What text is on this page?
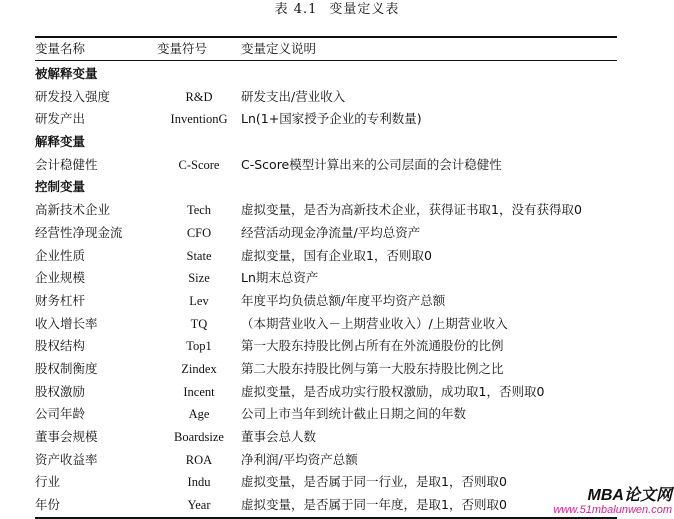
表 4.1 变量定义表
变量名称	变量符号	变量定义说明
被解释变量
研发投入强度	R&D	研发支出/营业收入
研发产出	InventionG	Ln(1+国家授予企业的专利数量)
解释变量
会计稳健性	C-Score	C-Score模型计算出来的公司层面的会计稳健性
控制变量
高新技术企业	Tech	虚拟变量，是否为高新技术企业，获得证书取1，没有获得取0
经营性净现金流	CFO	经营活动现金净流量/平均总资产
企业性质	State	虚拟变量，国有企业取1，否则取0
企业规模	Size	Ln期末总资产
财务杠杆	Lev	年度平均负债总额/年度平均资产总额
收入增长率	TQ	（本期营业收入－上期营业收入）/上期营业收入
股权结构	Top1	第一大股东持股比例占所有在外流通股份的比例
股权制衡度	Zindex	第二大股东持股比例与第一大股东持股比例之比
股权激励	Incent	虚拟变量，是否成功实行股权激励，成功取1，否则取0
公司年龄	Age	公司上市当年到统计截止日期之间的年数
董事会规模	Boardsize	董事会总人数
资产收益率	ROA	净利润/平均资产总额
行业	Indu	虚拟变量，是否属于同一行业，是取1，否则取0
年份	Year	虚拟变量，是否属于同一年度，是取1，否则取0
MBA论文网
www.51mbalunwen.com
